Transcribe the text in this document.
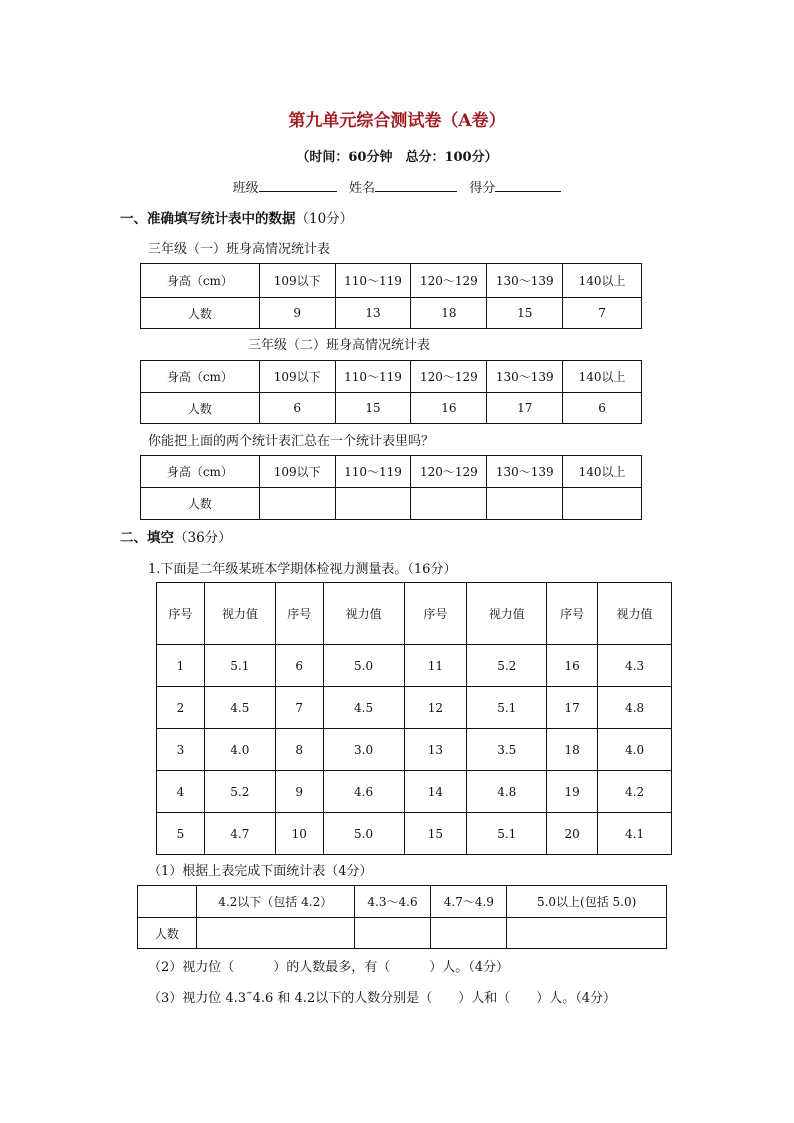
第九单元综合测试卷（A卷）
（时间：60分钟　总分：100分）
班级	姓名	得分
一、准确填写统计表中的数据（10分）
三年级（一）班身高情况统计表
身高（cm）	109以下	110～119	120～129	130～139	140以上
人数	9	13	18	15	7
三年级（二）班身高情况统计表
身高（cm）	109以下	110～119	120～129	130～139	140以上
人数	6	15	16	17	6
你能把上面的两个统计表汇总在一个统计表里吗？
身高（cm）	109以下	110～119	120～129	130～139	140以上
人数					
二、填空（36分）
1.下面是二年级某班本学期体检视力测量表。（16分）
序号	视力值	序号	视力值	序号	视力值	序号	视力值
1	5.1	6	5.0	11	5.2	16	4.3
2	4.5	7	4.5	12	5.1	17	4.8
3	4.0	8	3.0	13	3.5	18	4.0
4	5.2	9	4.6	14	4.8	19	4.2
5	4.7	10	5.0	15	5.1	20	4.1
（1）根据上表完成下面统计表（4分）
	4.2以下（包括 4.2）	4.3～4.6	4.7～4.9	5.0以上(包括 5.0)
人数				
（2）视力位（　　　）的人数最多，有（　　　）人。（4分）
（3）视力位 4.3˜4.6 和 4.2以下的人数分别是（　　）人和（　　）人。（4分）
